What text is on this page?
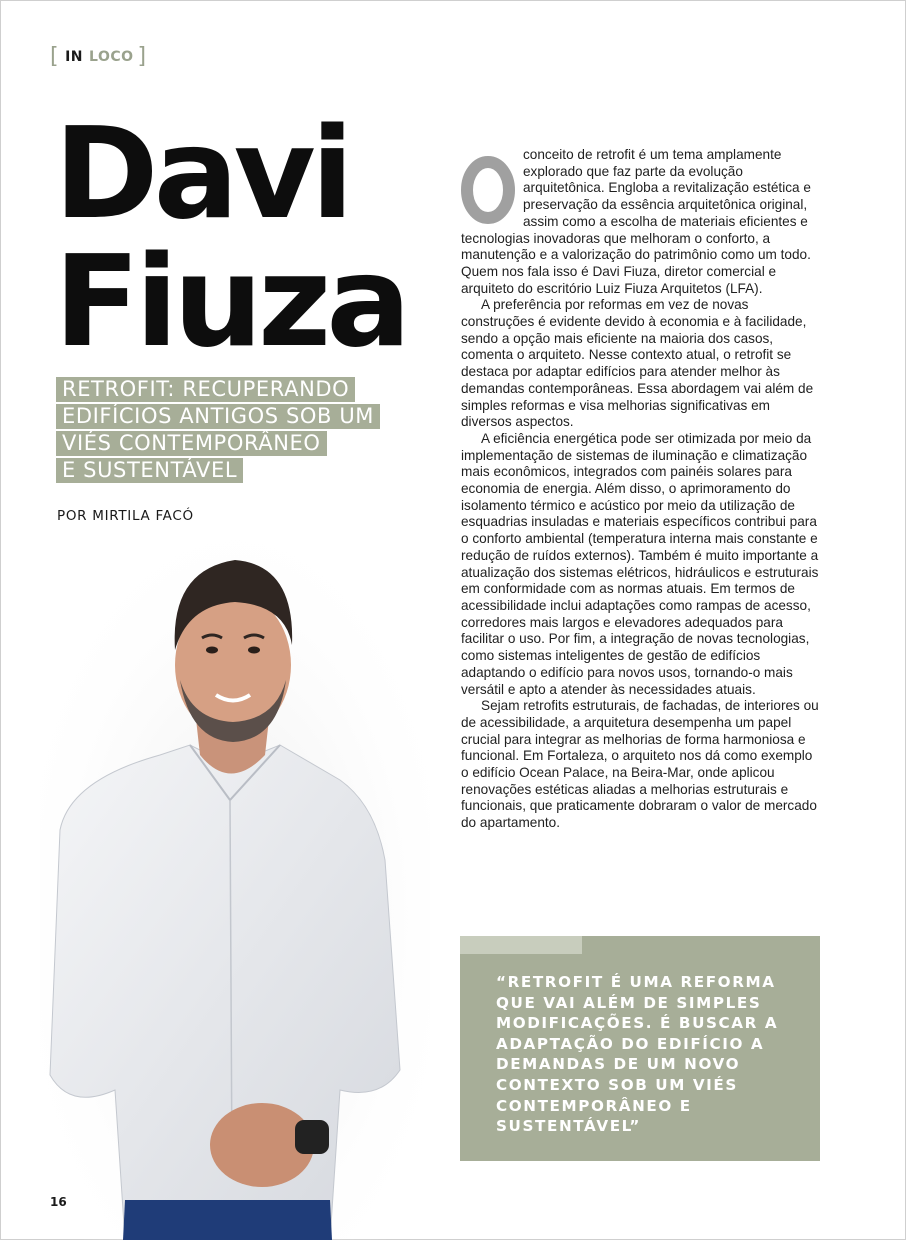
[ IN LOCO ]
Davi
Fiuza
RETROFIT: RECUPERANDO
EDIFÍCIOS ANTIGOS SOB UM
VIÉS CONTEMPORÂNEO
E SUSTENTÁVEL
POR MIRTILA FACÓ

conceito de retrofit é um tema amplamente explorado que faz parte da evolução arquitetônica. Engloba a revitalização estética e preservação da essência arquitetônica original, assim como a escolha de materiais eficientes e tecnologias inovadoras que melhoram o conforto, a manutenção e a valorização do patrimônio como um todo. Quem nos fala isso é Davi Fiuza, diretor comercial e arquiteto do escritório Luiz Fiuza Arquitetos (LFA).

A preferência por reformas em vez de novas construções é evidente devido à economia e à facilidade, sendo a opção mais eficiente na maioria dos casos, comenta o arquiteto. Nesse contexto atual, o retrofit se destaca por adaptar edifícios para atender melhor às demandas contemporâneas. Essa abordagem vai além de simples reformas e visa melhorias significativas em diversos aspectos.

A eficiência energética pode ser otimizada por meio da implementação de sistemas de iluminação e climatização mais econômicos, integrados com painéis solares para economia de energia. Além disso, o aprimoramento do isolamento térmico e acústico por meio da utilização de esquadrias insuladas e materiais específicos contribui para o conforto ambiental (temperatura interna mais constante e redução de ruídos externos). Também é muito importante a atualização dos sistemas elétricos, hidráulicos e estruturais em conformidade com as normas atuais. Em termos de acessibilidade inclui adaptações como rampas de acesso, corredores mais largos e elevadores adequados para facilitar o uso. Por fim, a integração de novas tecnologias, como sistemas inteligentes de gestão de edifícios adaptando o edifício para novos usos, tornando-o mais versátil e apto a atender às necessidades atuais.

Sejam retrofits estruturais, de fachadas, de interiores ou de acessibilidade, a arquitetura desempenha um papel crucial para integrar as melhorias de forma harmoniosa e funcional. Em Fortaleza, o arquiteto nos dá como exemplo o edifício Ocean Palace, na Beira-Mar, onde aplicou renovações estéticas aliadas a melhorias estruturais e funcionais, que praticamente dobraram o valor de mercado do apartamento.

“RETROFIT É UMA REFORMA QUE VAI ALÉM DE SIMPLES MODIFICAÇÕES. É BUSCAR A ADAPTAÇÃO DO EDIFÍCIO A DEMANDAS DE UM NOVO CONTEXTO SOB UM VIÉS CONTEMPORÂNEO E SUSTENTÁVEL”
16
